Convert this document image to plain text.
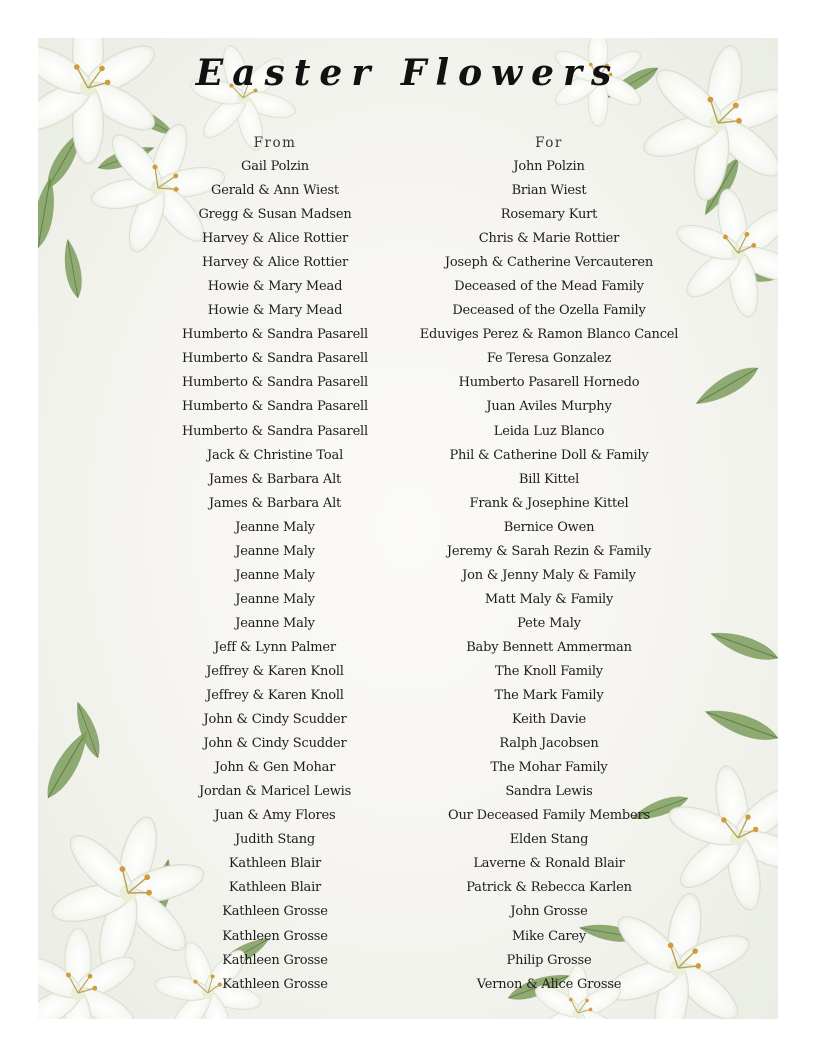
Easter Flowers
From
Gail Polzin
Gerald & Ann Wiest
Gregg & Susan Madsen
Harvey & Alice Rottier
Harvey & Alice Rottier
Howie & Mary Mead
Howie & Mary Mead
Humberto & Sandra Pasarell
Humberto & Sandra Pasarell
Humberto & Sandra Pasarell
Humberto & Sandra Pasarell
Humberto & Sandra Pasarell
Jack & Christine Toal
James & Barbara Alt
James & Barbara Alt
Jeanne Maly
Jeanne Maly
Jeanne Maly
Jeanne Maly
Jeanne Maly
Jeff & Lynn Palmer
Jeffrey & Karen Knoll
Jeffrey & Karen Knoll
John & Cindy Scudder
John & Cindy Scudder
John & Gen Mohar
Jordan & Maricel Lewis
Juan & Amy Flores
Judith Stang
Kathleen Blair
Kathleen Blair
Kathleen Grosse
Kathleen Grosse
Kathleen Grosse
Kathleen Grosse
For
John Polzin
Brian Wiest
Rosemary Kurt
Chris & Marie Rottier
Joseph & Catherine Vercauteren
Deceased of the Mead Family
Deceased of the Ozella Family
Eduviges Perez & Ramon Blanco Cancel
Fe Teresa Gonzalez
Humberto Pasarell Hornedo
Juan Aviles Murphy
Leida Luz Blanco
Phil & Catherine Doll & Family
Bill Kittel
Frank & Josephine Kittel
Bernice Owen
Jeremy & Sarah Rezin & Family
Jon & Jenny Maly & Family
Matt Maly & Family
Pete Maly
Baby Bennett Ammerman
The Knoll Family
The Mark Family
Keith Davie
Ralph Jacobsen
The Mohar Family
Sandra Lewis
Our Deceased Family Members
Elden Stang
Laverne & Ronald Blair
Patrick & Rebecca Karlen
John Grosse
Mike Carey
Philip Grosse
Vernon & Alice Grosse
